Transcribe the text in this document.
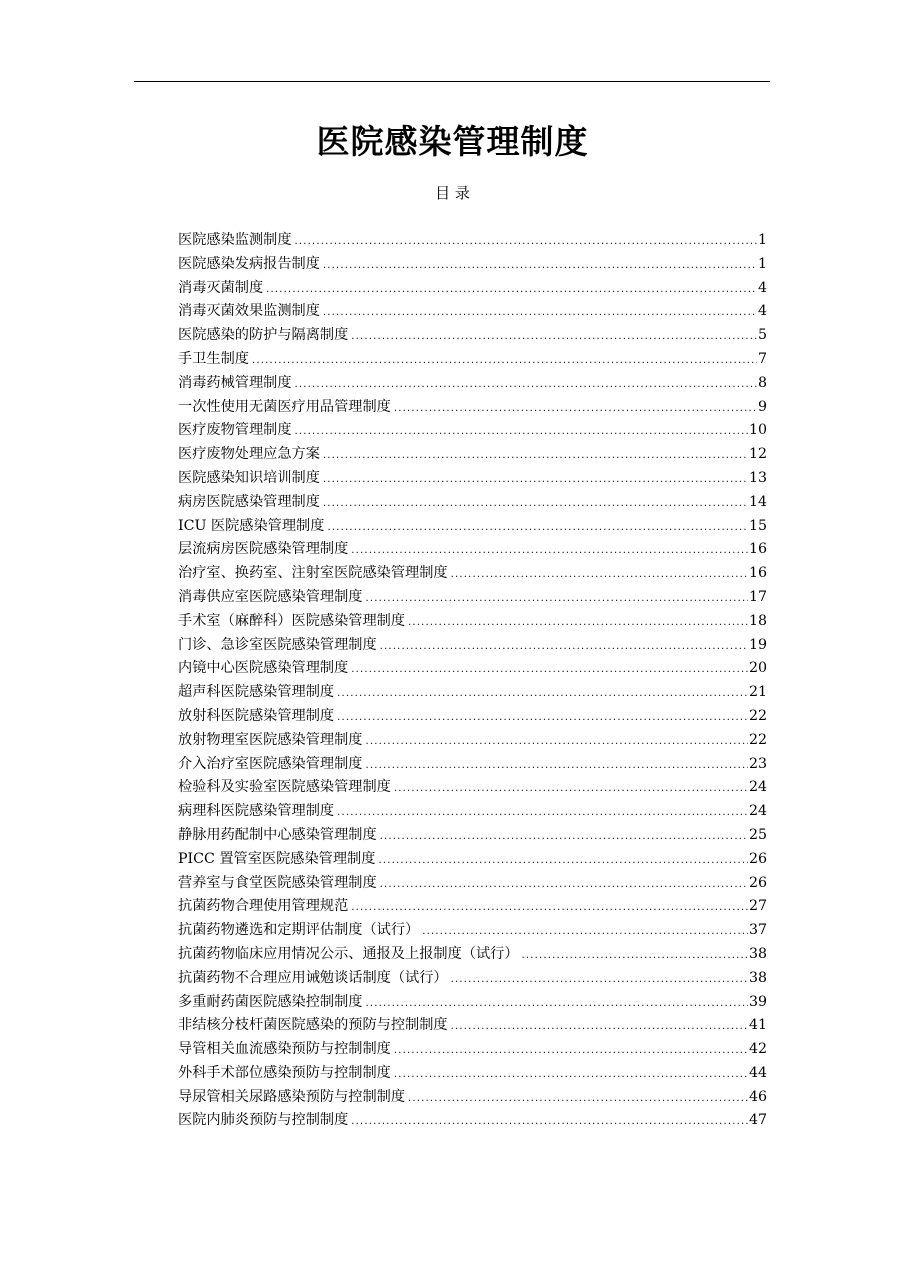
医院感染管理制度
目 录
医院感染监测制度 .....	1
医院感染发病报告制度 .....	1
消毒灭菌制度 .....	4
消毒灭菌效果监测制度 .....	4
医院感染的防护与隔离制度 .....	5
手卫生制度 .....	7
消毒药械管理制度 .....	8
一次性使用无菌医疗用品管理制度 .....	9
医疗废物管理制度 .....	10
医疗废物处理应急方案 .....	12
医院感染知识培训制度 .....	13
病房医院感染管理制度 .....	14
ICU 医院感染管理制度 .....	15
层流病房医院感染管理制度 .....	16
治疗室、换药室、注射室医院感染管理制度 .....	16
消毒供应室医院感染管理制度 .....	17
手术室（麻醉科）医院感染管理制度 .....	18
门诊、急诊室医院感染管理制度 .....	19
内镜中心医院感染管理制度 .....	20
超声科医院感染管理制度 .....	21
放射科医院感染管理制度 .....	22
放射物理室医院感染管理制度 .....	22
介入治疗室医院感染管理制度 .....	23
检验科及实验室医院感染管理制度 .....	24
病理科医院感染管理制度 .....	24
静脉用药配制中心感染管理制度 .....	25
PICC 置管室医院感染管理制度 .....	26
营养室与食堂医院感染管理制度 .....	26
抗菌药物合理使用管理规范 .....	27
抗菌药物遴选和定期评估制度（试行） .....	37
抗菌药物临床应用情况公示、通报及上报制度（试行） .....	38
抗菌药物不合理应用诫勉谈话制度（试行） .....	38
多重耐药菌医院感染控制制度 .....	39
非结核分枝杆菌医院感染的预防与控制制度 .....	41
导管相关血流感染预防与控制制度 .....	42
外科手术部位感染预防与控制制度 .....	44
导尿管相关尿路感染预防与控制制度 .....	46
医院内肺炎预防与控制制度 .....	47
